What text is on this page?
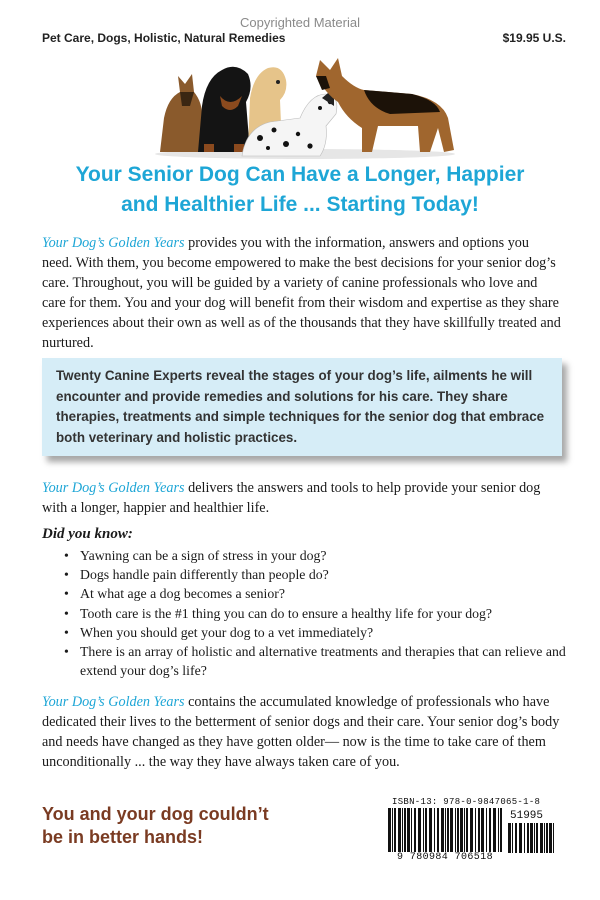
Copyrighted Material
Pet Care, Dogs, Holistic, Natural Remedies	$19.95 U.S.
Your Senior Dog Can Have a Longer, Happier
and Healthier Life ... Starting Today!
Your Dog’s Golden Years provides you with the information, answers and options you need. With them, you become empowered to make the best decisions for your senior dog’s care. Throughout, you will be guided by a variety of canine professionals who love and care for them. You and your dog will benefit from their wisdom and expertise as they share experiences about their own as well as of the thousands that they have skillfully treated and nurtured.
Twenty Canine Experts reveal the stages of your dog’s life, ailments he will encounter and provide remedies and solutions for his care. They share therapies, treatments and simple techniques for the senior dog that embrace both veterinary and holistic practices.
Your Dog’s Golden Years delivers the answers and tools to help provide your senior dog with a longer, happier and healthier life.
Did you know:
• Yawning can be a sign of stress in your dog?
• Dogs handle pain differently than people do?
• At what age a dog becomes a senior?
• Tooth care is the #1 thing you can do to ensure a healthy life for your dog?
• When you should get your dog to a vet immediately?
• There is an array of holistic and alternative treatments and therapies that can relieve and extend your dog’s life?
Your Dog’s Golden Years contains the accumulated knowledge of professionals who have dedicated their lives to the betterment of senior dogs and their care. Your senior dog’s body and needs have changed as they have gotten older— now is the time to take care of them unconditionally ... the way they have always taken care of you.
You and your dog couldn’t
be in better hands!
ISBN-13: 978-0-9847065-1-8
51995
9 780984 706518
